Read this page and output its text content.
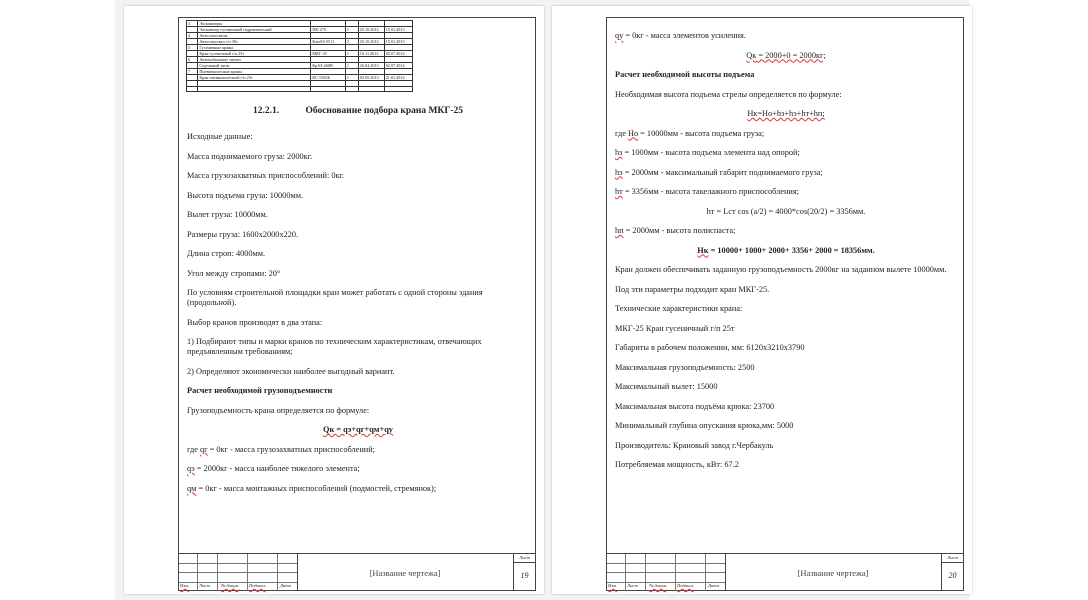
3	Экскаваторы				
	Экскаватор гусеничный гидравлический	ПК-270	1	25.10.2012	15.01.2013
4	Автосамосвалы				
	Автосамосвал г/п 30т	КамАЗ-5511	2	25.10.2012	15.01.2013
5	Гусеничные краны				
	Кран гусеничный г/п 25т	МКГ-25	1	16.11.2012	02.07.2014
6	Автомобильные тягачи				
	Седельный тягач	КрАЗ-260В	1	26.04.2013	02.07.2014
7	Пневмоколесные краны				
	Кран пневмоколесный г/п 25т	КС-5363Б	1	03.05.2013	21.01.2014

12.2.1.	Обоснование подбора крана МКГ-25

Исходные данные:

Масса поднимаемого груза: 2000кг.

Масса грузозахватных приспособлений: 0кг.

Высота подъема груза: 10000мм.

Вылет груза: 10000мм.

Размеры груза: 1600х2000х220.

Длина строп: 4000мм.

Угол между стропами: 20°

По условиям строительной площадки кран может работать с одной стороны здания (продольной).

Выбор кранов производят в два этапа:

1) Подбирают типы и марки кранов по техническим характеристикам, отвечающих предъявленным требованиям;

2) Определяют экономически наиболее выгодный вариант.

Расчет необходимой грузоподъемности

Грузоподъемность крана определяется по формуле:

Qк = qэ+qг+qм+qу

где qг = 0кг - масса грузозахватных приспособлений;

qэ = 2000кг - масса наиболее тяжелого элемента;

qм = 0кг - масса монтажных приспособлений (подмостей, стремянок);

Изм. Лист № докум. Подпись	Дата
[Название чертежа]
Лист
19

qу = 0кг - масса элементов усиления.

Qк = 2000+0 = 2000кг;

Расчет необходимой высоты подъема

Необходимая высота подъема стрелы определяется по формуле:

Hк=Hо+hз+hэ+hт+hп;

где Hо = 10000мм - высота подъема груза;

hз = 1000мм - высота подъема элемента над опорой;

hэ = 2000мм - максимальный габарит поднимаемого груза;

hт = 3356мм - высота такелажного приспособления;

hт = Lст cos (a/2) = 4000*cos(20/2) = 3356мм.

hп = 2000мм - высота полиспаста;

Hк = 10000+ 1000+ 2000+ 3356+ 2000 = 18356мм.

Кран должен обеспечивать заданную грузоподъемность 2000кг на заданном вылете 10000мм.

Под эти параметры подходит кран МКГ-25.

Технические характеристики крана:

МКГ-25 Кран гусеничный г/п 25т

Габариты в рабочем положении, мм: 6120х3210х3790

Максимальная грузоподъемность: 2500

Максимальный вылет: 15000

Максимальная высота подъёма крюка: 23700

Минимальный глубина опускания крюка,мм: 5000

Производитель: Крановый завод г.Чербакуль

Потребляемая мощность, кВт: 67.2

Изм. Лист № докум. Подпись	Дата
[Название чертежа]
Лист
20
